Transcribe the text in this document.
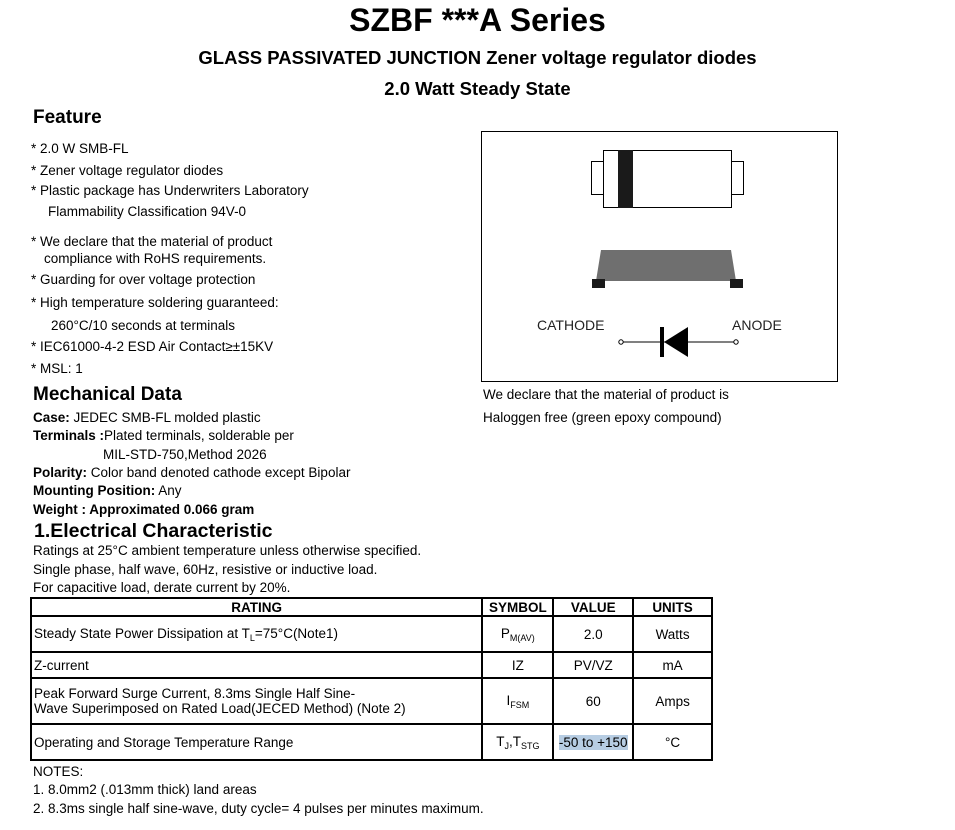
SZBF ***A Series
GLASS PASSIVATED JUNCTION Zener voltage regulator diodes
2.0 Watt Steady State
Feature
* 2.0 W SMB-FL
* Zener voltage regulator diodes
* Plastic package has Underwriters Laboratory
Flammability Classification 94V-0
* We declare that the material of product
compliance with RoHS requirements.
* Guarding for over voltage protection
* High temperature soldering guaranteed:
260°C/10 seconds at terminals
* IEC61000-4-2 ESD Air Contact≥±15KV
* MSL: 1
CATHODE	ANODE
We declare that the material of product is
Haloggen free (green epoxy compound)
Mechanical Data
Case: JEDEC SMB-FL molded plastic
Terminals :Plated terminals, solderable per
MIL-STD-750,Method 2026
Polarity: Color band denoted cathode except Bipolar
Mounting Position: Any
Weight : Approximated 0.066 gram
1.Electrical Characteristic
Ratings at 25°C ambient temperature unless otherwise specified.
Single phase, half wave, 60Hz, resistive or inductive load.
For capacitive load, derate current by 20%.
RATING	SYMBOL	VALUE	UNITS
Steady State Power Dissipation at $T_L=75^\circ C(Note1)$	$P_{M(AV)}$	2.0	Watts
Z-current	IZ	PV/VZ	mA

Peak Forward Surge Current, 8.3ms Single Half Sine-
Wave Superimposed on Rated Load(JECED Method) (Note 2)	$I_{FSM}$	60	Amps
Operating and Storage Temperature Range	$T_J,T_{STG}$	-50 to +150	°C
NOTES:
1. 8.0mm2 (.013mm thick) land areas
2. 8.3ms single half sine-wave, duty cycle= 4 pulses per minutes maximum.
